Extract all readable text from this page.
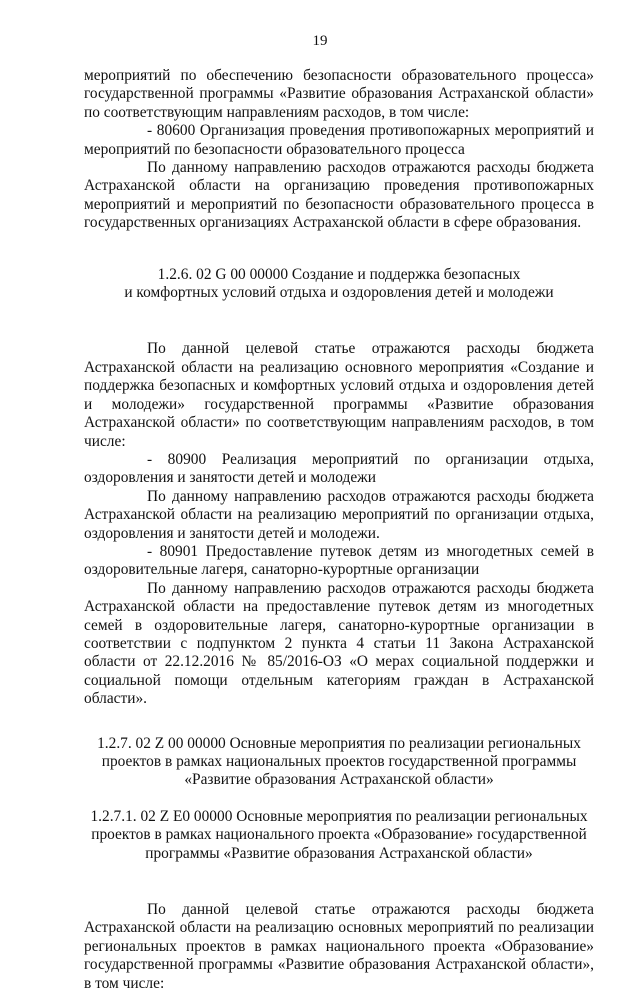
19

мероприятий по обеспечению безопасности образовательного процесса» государственной программы «Развитие образования Астраханской области» по соответствующим направлениям расходов, в том числе:

- 80600 Организация проведения противопожарных мероприятий и мероприятий по безопасности образовательного процесса

По данному направлению расходов отражаются расходы бюджета Астраханской области на организацию проведения противопожарных мероприятий и мероприятий по безопасности образовательного процесса в государственных организациях Астраханской области в сфере образования.

1.2.6. 02 G 00 00000 Создание и поддержка безопасных
и комфортных условий отдыха и оздоровления детей и молодежи

По данной целевой статье отражаются расходы бюджета Астраханской области на реализацию основного мероприятия «Создание и поддержка безопасных и комфортных условий отдыха и оздоровления детей и молодежи» государственной программы «Развитие образования Астраханской области» по соответствующим направлениям расходов, в том числе:

- 80900 Реализация мероприятий по организации отдыха, оздоровления и занятости детей и молодежи

По данному направлению расходов отражаются расходы бюджета Астраханской области на реализацию мероприятий по организации отдыха, оздоровления и занятости детей и молодежи.

- 80901 Предоставление путевок детям из многодетных семей в оздоровительные лагеря, санаторно-курортные организации

По данному направлению расходов отражаются расходы бюджета Астраханской области на предоставление путевок детям из многодетных семей в оздоровительные лагеря, санаторно-курортные организации в соответствии с подпунктом 2 пункта 4 статьи 11 Закона Астраханской области от 22.12.2016 № 85/2016-ОЗ «О мерах социальной поддержки и социальной помощи отдельным категориям граждан в Астраханской области».

1.2.7. 02 Z 00 00000 Основные мероприятия по реализации региональных
проектов в рамках национальных проектов государственной программы
«Развитие образования Астраханской области»
1.2.7.1. 02 Z E0 00000 Основные мероприятия по реализации региональных
проектов в рамках национального проекта «Образование» государственной
программы «Развитие образования Астраханской области»

По данной целевой статье отражаются расходы бюджета Астраханской области на реализацию основных мероприятий по реализации региональных проектов в рамках национального проекта «Образование» государственной программы «Развитие образования Астраханской области», в том числе:
